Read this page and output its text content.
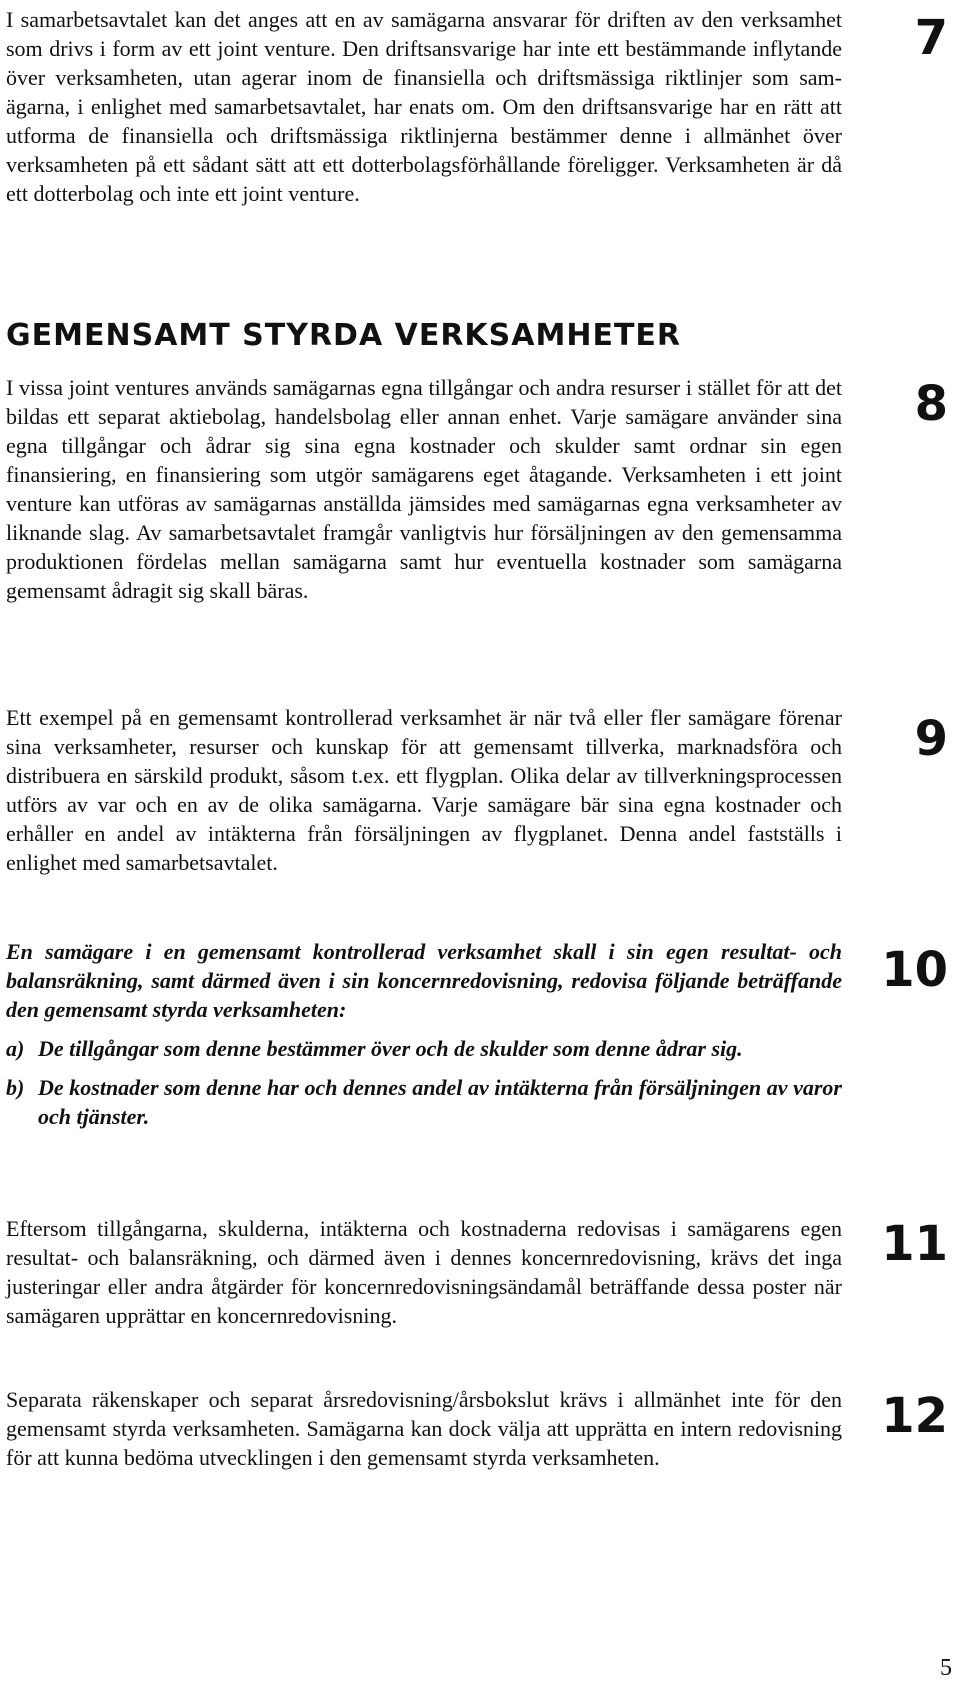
I samarbetsavtalet kan det anges att en av samägarna ansvarar för driften av den verksamhet som drivs i form av ett joint venture. Den driftsansvarige har inte ett bestämmande inflytande över verksamheten, utan agerar inom de finansiella och driftsmässiga riktlinjer som samägarna, i enlighet med samarbetsavtalet, har enats om. Om den driftsansvarige har en rätt att utforma de finansiella och driftsmässiga riktlinjerna bestämmer denne i allmänhet över verksamheten på ett sådant sätt att ett dotterbolagsförhållande föreligger. Verksamheten är då ett dotterbolag och inte ett joint venture.

GEMENSAMT STYRDA VERKSAMHETER

I vissa joint ventures används samägarnas egna tillgångar och andra resurser i stället för att det bildas ett separat aktiebolag, handelsbolag eller annan enhet. Varje samägare använder sina egna tillgångar och ådrar sig sina egna kostnader och skulder samt ordnar sin egen finansiering, en finansiering som utgör samägarens eget åtagande. Verksamheten i ett joint venture kan utföras av samägarnas anställda jämsides med samägarnas egna verksamheter av liknande slag. Av samarbetsavtalet framgår vanligtvis hur försäljningen av den gemensamma produktionen fördelas mellan samägarna samt hur eventuella kostnader som samägarna gemensamt ådragit sig skall bäras.

Ett exempel på en gemensamt kontrollerad verksamhet är när två eller fler samägare förenar sina verksamheter, resurser och kunskap för att gemensamt tillverka, marknadsföra och distribuera en särskild produkt, såsom t.ex. ett flygplan. Olika delar av tillverkningsprocessen utförs av var och en av de olika samägarna. Varje samägare bär sina egna kostnader och erhåller en andel av intäkterna från försäljningen av flygplanet. Denna andel fastställs i enlighet med samarbetsavtalet.

En samägare i en gemensamt kontrollerad verksamhet skall i sin egen resultat- och balansräkning, samt därmed även i sin koncernredovisning, redovisa följande beträffande den gemensamt styrda verksamheten:

a) De tillgångar som denne bestämmer över och de skulder som denne ådrar sig.
b) De kostnader som denne har och dennes andel av intäkterna från försäljningen av varor och tjänster.

Eftersom tillgångarna, skulderna, intäkterna och kostnaderna redovisas i samägarens egen resultat- och balansräkning, och därmed även i dennes koncernredovisning, krävs det inga justeringar eller andra åtgärder för koncernredovisningsändamål beträffande dessa poster när samägaren upprättar en koncernredovisning.

Separata räkenskaper och separat årsredovisning/årsbokslut krävs i allmänhet inte för den gemensamt styrda verksamheten. Samägarna kan dock välja att upprätta en intern redovisning för att kunna bedöma utvecklingen i den gemensamt styrda verksamheten.

7
8
9
10
11
12
5
